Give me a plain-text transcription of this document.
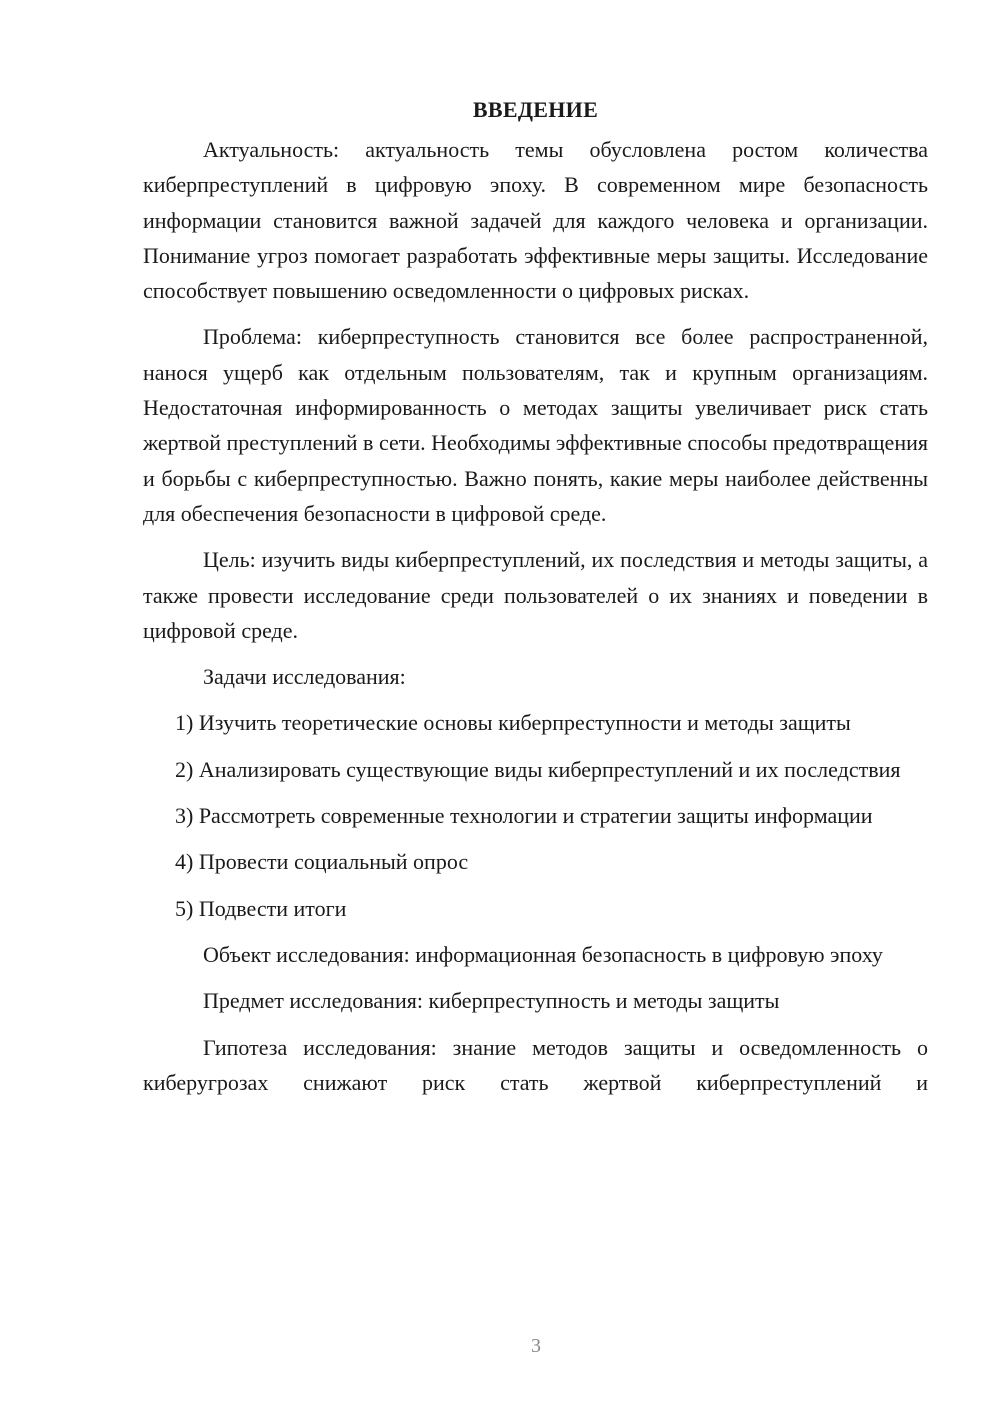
ВВЕДЕНИЕ

Актуальность: актуальность темы обусловлена ростом количества киберпреступлений в цифровую эпоху. В современном мире безопасность информации становится важной задачей для каждого человека и организации. Понимание угроз помогает разработать эффективные меры защиты. Исследование способствует повышению осведомленности о цифровых рисках.

Проблема: киберпреступность становится все более распространенной, нанося ущерб как отдельным пользователям, так и крупным организациям. Недостаточная информированность о методах защиты увеличивает риск стать жертвой преступлений в сети. Необходимы эффективные способы предотвращения и борьбы с киберпреступностью. Важно понять, какие меры наиболее действенны для обеспечения безопасности в цифровой среде.

Цель: изучить виды киберпреступлений, их последствия и методы защиты, а также провести исследование среди пользователей о их знаниях и поведении в цифровой среде.

Задачи исследования:

1) Изучить теоретические основы киберпреступности и методы защиты

2) Анализировать существующие виды киберпреступлений и их последствия

3) Рассмотреть современные технологии и стратегии защиты информации

4) Провести социальный опрос

5) Подвести итоги

Объект исследования: информационная безопасность в цифровую эпоху

Предмет исследования: киберпреступность и методы защиты

Гипотеза исследования: знание методов защиты и осведомленность о киберугрозах снижают риск стать жертвой киберпреступлений и

3
